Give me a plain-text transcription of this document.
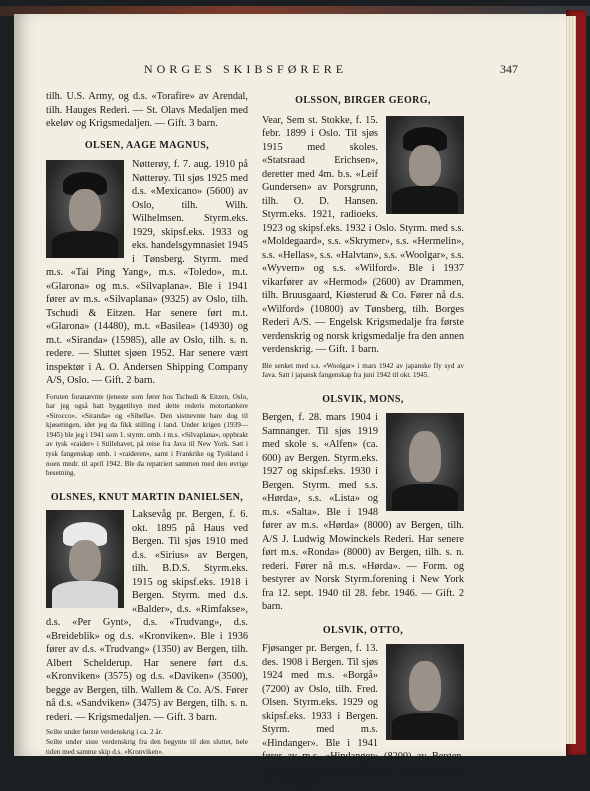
NORGES SKIBSFØRERE	347

tilh. U.S. Army, og d.s. «Torafire» av Arendal, tilh. Hauges Rederi. — St. Olavs Medaljen med ekeløv og Krigsmedaljen. — Gift. 3 barn.

OLSEN, AAGE MAGNUS,

Nøtterøy, f. 7. aug. 1910 på Nøtterøy. Til sjøs 1925 med d.s. «Mexicano» (5600) av Oslo, tilh. Wilh. Wilhelmsen. Styrm.eks. 1929, skipsf.eks. 1933 og eks. handelsgymnasiet 1945 i Tønsberg. Styrm. med m.s. «Tai Ping Yang», m.s. «Toledo», m.t. «Glarona» og m.s. «Silvaplana». Ble i 1941 fører av m.s. «Silvaplana» (9325) av Oslo, tilh. Tschudi & Eitzen. Har senere ført m.t. «Glarona» (14480), m.t. «Basilea» (14930) og m.t. «Siranda» (15985), alle av Oslo, tilh. s. n. redere. — Sluttet sjøen 1952. Har senere vært inspektør i A. O. Andersen Shipping Company A/S, Oslo. — Gift. 2 barn.

Foruten foranævnte tjeneste som fører hos Tschudi & Eitzen, Oslo, har jeg også hatt byggetilsyn med dette rederis motortankere «Sirocco», «Siranda» og «Sibella». Den sistnevnte bare dog til kjøsetingen, idet jeg da fikk stilling i land. Under krigen (1939—1945) ble jeg i 1941 som 1. styrm. omb. i m.s. «Silvaplana», oppbrakt av tysk «raider» i Stillehavet, på reise fra Java til New York. Satt i tysk fangenskap omb. i «raideren», samt i Frankrike og Tyskland i noen mndr. til april 1942. Ble da repatriert sammen med den øvrige besetning.

OLSNES, KNUT MARTIN DANIELSEN,

Laksevåg pr. Bergen, f. 6. okt. 1895 på Haus ved Bergen. Til sjøs 1910 med d.s. «Sirius» av Bergen, tilh. B.D.S. Styrm.eks. 1915 og skipsf.eks. 1918 i Bergen. Styrm. med d.s. «Balder», d.s. «Rimfakse», d.s. «Per Gynt», d.s. «Trudvang», d.s. «Breideblik» og d.s. «Kronviken». Ble i 1936 fører av d.s. «Trudvang» (1350) av Bergen, tilh. Albert Schelderup. Har senere ført d.s. «Kronviken» (3575) og d.s. «Daviken» (3500), begge av Bergen, tilh. Wallem & Co. A/S. Fører nå d.s. «Sandviken» (3475) av Bergen, tilh. s. n. rederi. — Krigsmedaljen. — Gift. 3 barn.

Seilte under første verdenskrig i ca. 2 år.

Seilte under siste verdenskrig fra den begynte til den sluttet, hele tiden med samme skip d.s. «Kronviken».

OLSSON, BIRGER GEORG,

Vear, Sem st. Stokke, f. 15. febr. 1899 i Oslo. Til sjøs 1915 med skoles. «Statsraad Erichsen», deretter med 4m. b.s. «Leif Gundersen» av Porsgrunn, tilh. O. D. Hansen. Styrm.eks. 1921, radioeks. 1923 og skipsf.eks. 1932 i Oslo. Styrm. med s.s. «Moldegaard», s.s. «Skrymer», s.s. «Hermelin», s.s. «Hellas», s.s. «Halvtan», s.s. «Woolgar», s.s. «Wyvern» og s.s. «Wilford». Ble i 1937 vikarfører av «Hermod» (2600) av Drammen, tilh. Bruusgaard, Kiøsterud & Co. Fører nå d.s. «Wilford» (10800) av Tønsberg, tilh. Borges Rederi A/S. — Engelsk Krigsmedalje fra første verdenskrig og norsk krigsmedalje fra den annen verdenskrig. — Gift. 1 barn.

Ble senket med s.s. «Woolgar» i mars 1942 av japanske fly syd av Java. Satt i japansk fangenskap fra juni 1942 til okt. 1945.

OLSVIK, MONS,

Bergen, f. 28. mars 1904 i Samnanger. Til sjøs 1919 med skole s. «Alfen» (ca. 600) av Bergen. Styrm.eks. 1927 og skipsf.eks. 1930 i Bergen. Styrm. med s.s. «Hørda», s.s. «Lista» og m.s. «Salta». Ble i 1948 fører av m.s. «Hørda» (8000) av Bergen, tilh. A/S J. Ludwig Mowinckels Rederi. Har senere ført m.s. «Ronda» (8000) av Bergen, tilh. s. n. rederi. Fører nå m.s. «Hørda». — Form. og bestyrer av Norsk Styrm.forening i New York fra 12. sept. 1940 til 28. febr. 1946. — Gift. 2 barn.

OLSVIK, OTTO,

Fjøsanger pr. Bergen, f. 13. des. 1908 i Bergen. Til sjøs 1924 med m.s. «Borgå» (7200) av Oslo, tilh. Fred. Olsen. Styrm.eks. 1929 og skipsf.eks. 1933 i Bergen. Styrm. med m.s. «Hindanger». Ble i 1941 fører av m.s. «Hindanger» (8200) av Bergen, tilh. Westfal-Larsen & Co. A/S. Har senere ført s.s. «Evanger»
